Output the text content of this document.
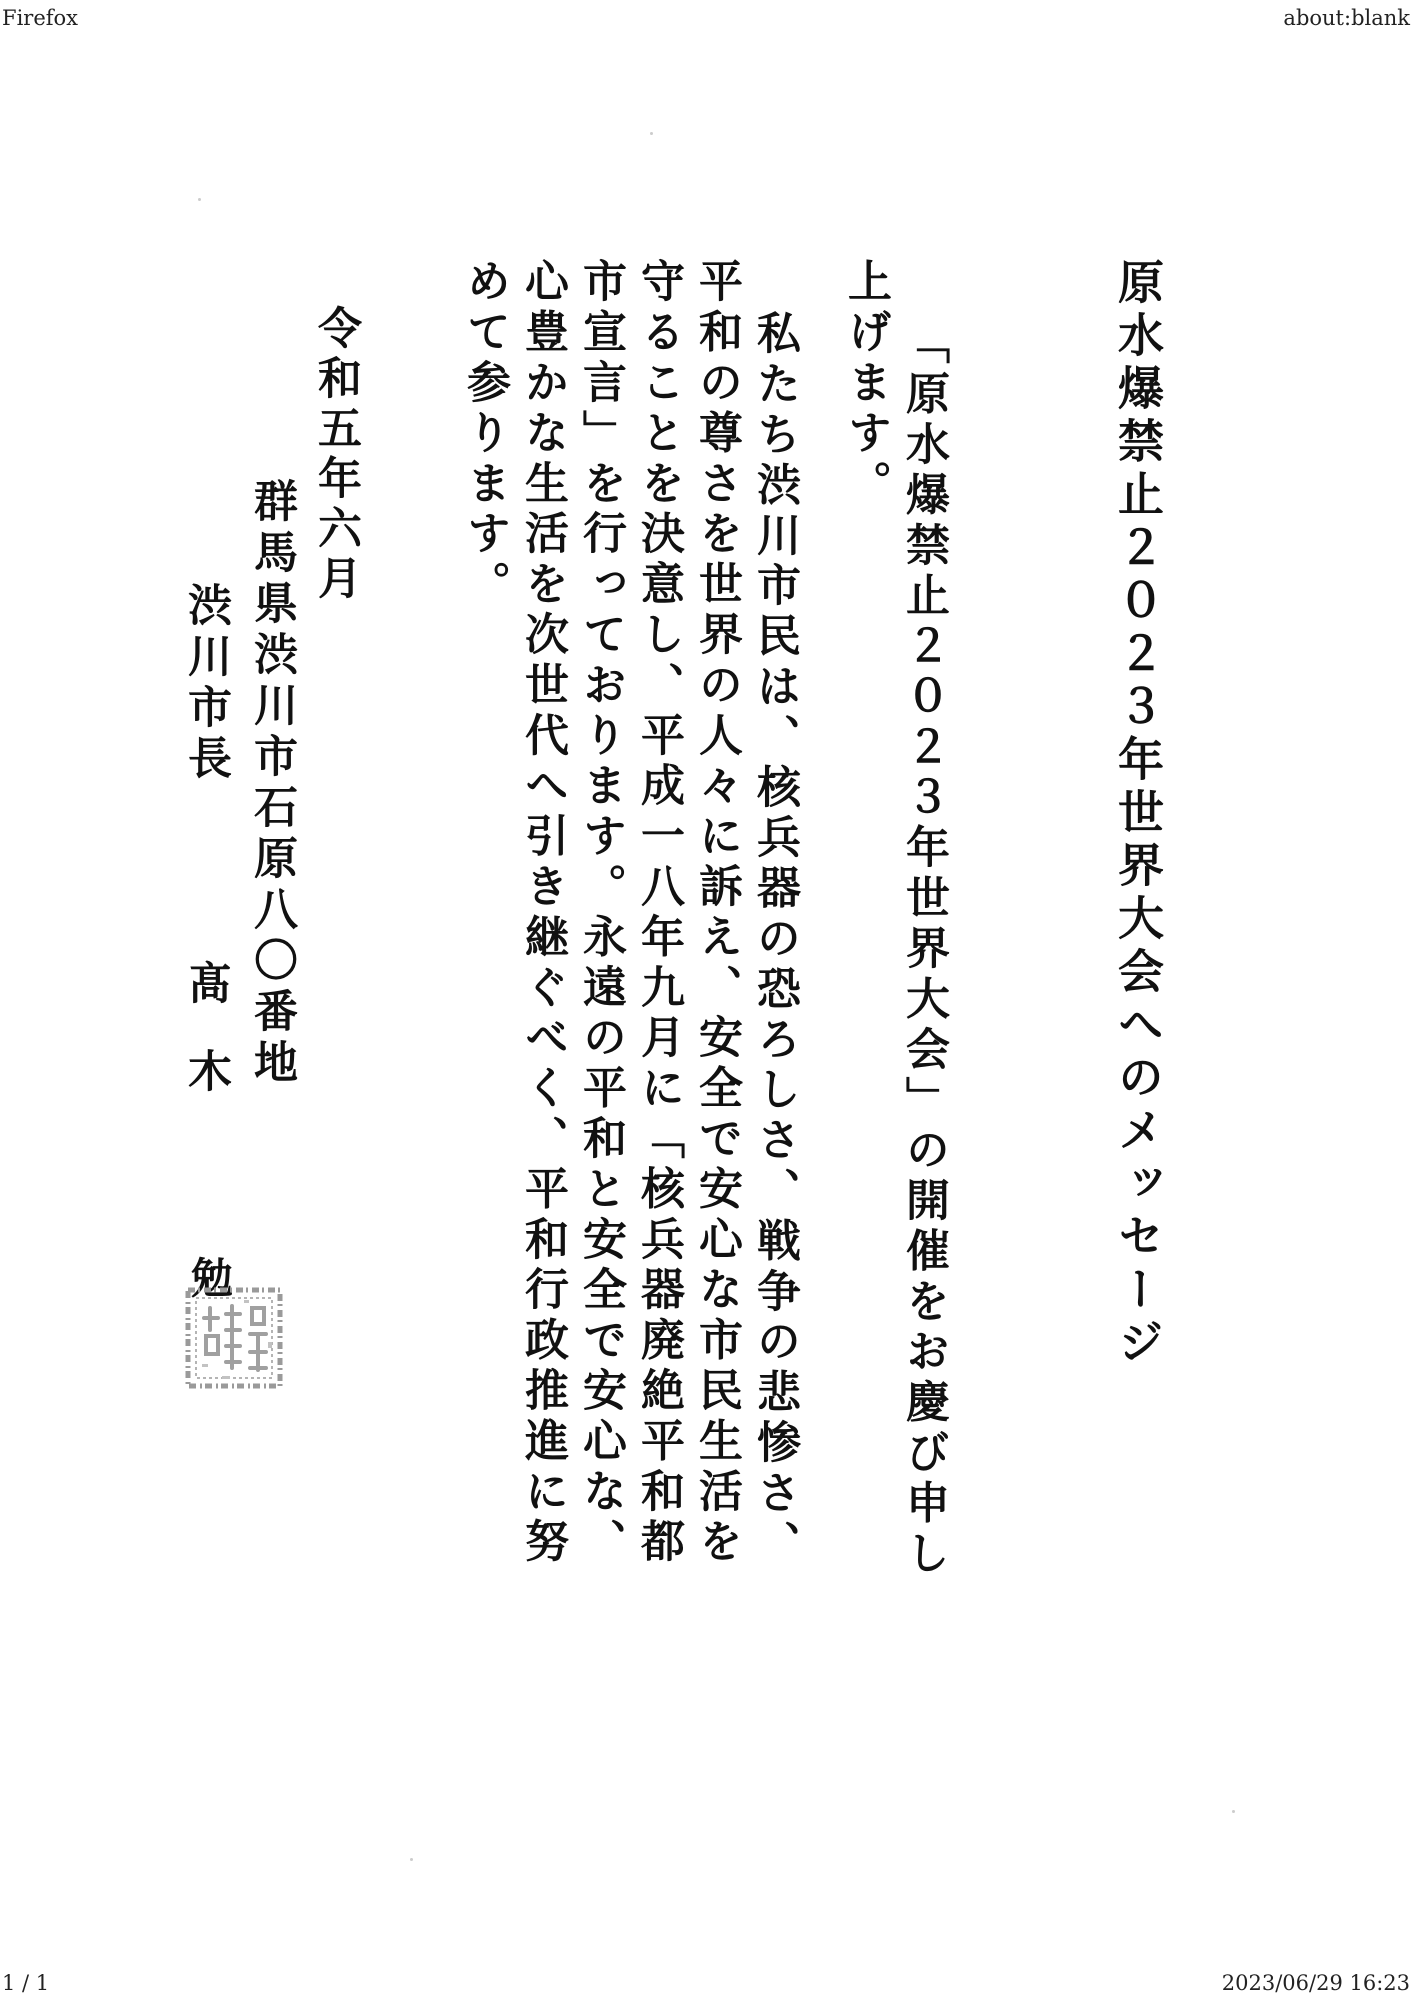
Firefox	about:blank
原水爆禁止２０２３年世界大会へのメッセージ
「原水爆禁止２０２３年世界大会」の開催をお慶び申し
上げます。
私たち渋川市民は、核兵器の恐ろしさ、戦争の悲惨さ、
平和の尊さを世界の人々に訴え、安全で安心な市民生活を
守ることを決意し、平成一八年九月に「核兵器廃絶平和都
市宣言」を行っております。永遠の平和と安全で安心な、
心豊かな生活を次世代へ引き継ぐべく、平和行政推進に努
めて参ります。
令和五年六月
群馬県渋川市石原八〇番地
渋川市長
髙木
勉
1 / 1	2023/06/29 16:23
